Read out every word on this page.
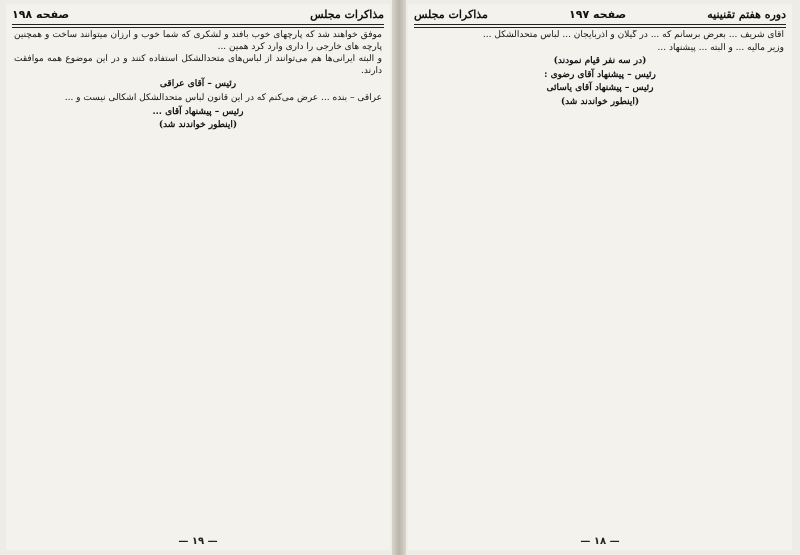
مذاکرات مجلس
صفحه ۱۹۸

موفق خواهند شد که پارچهای خوب بافند و لشکری که شما خوب و ارزان میتوانند ساخت و همچنین پارچه های خارجی را داری وارد کرد همین ...

و البته ایرانی‌ها هم می‌توانند از لباس‌های متحدالشکل استفاده کنند و در این موضوع همه موافقت دارند.

رئیس – آقای عراقی

عراقی – بنده ... عرض می‌کنم که در این قانون لباس متحدالشکل اشکالی نیست و ...

رئیس – پیشنهاد آقای ...

(اینطور خواندند شد)

— ۱۹ —
دوره هفتم تقنینیه
صفحه ۱۹۷
مذاکرات مجلس

آقای شریف ... بعرض برسانم که ... در گیلان و آذربایجان ... لباس متحدالشکل ...

وزیر مالیه ... و البته ... پیشنهاد ...

(در سه نفر قیام نمودند)

رئیس – پیشنهاد آقای رضوی :

رئیس – پیشنهاد آقای یاسائی

(اینطور خواندند شد)

— ۱۸ —
